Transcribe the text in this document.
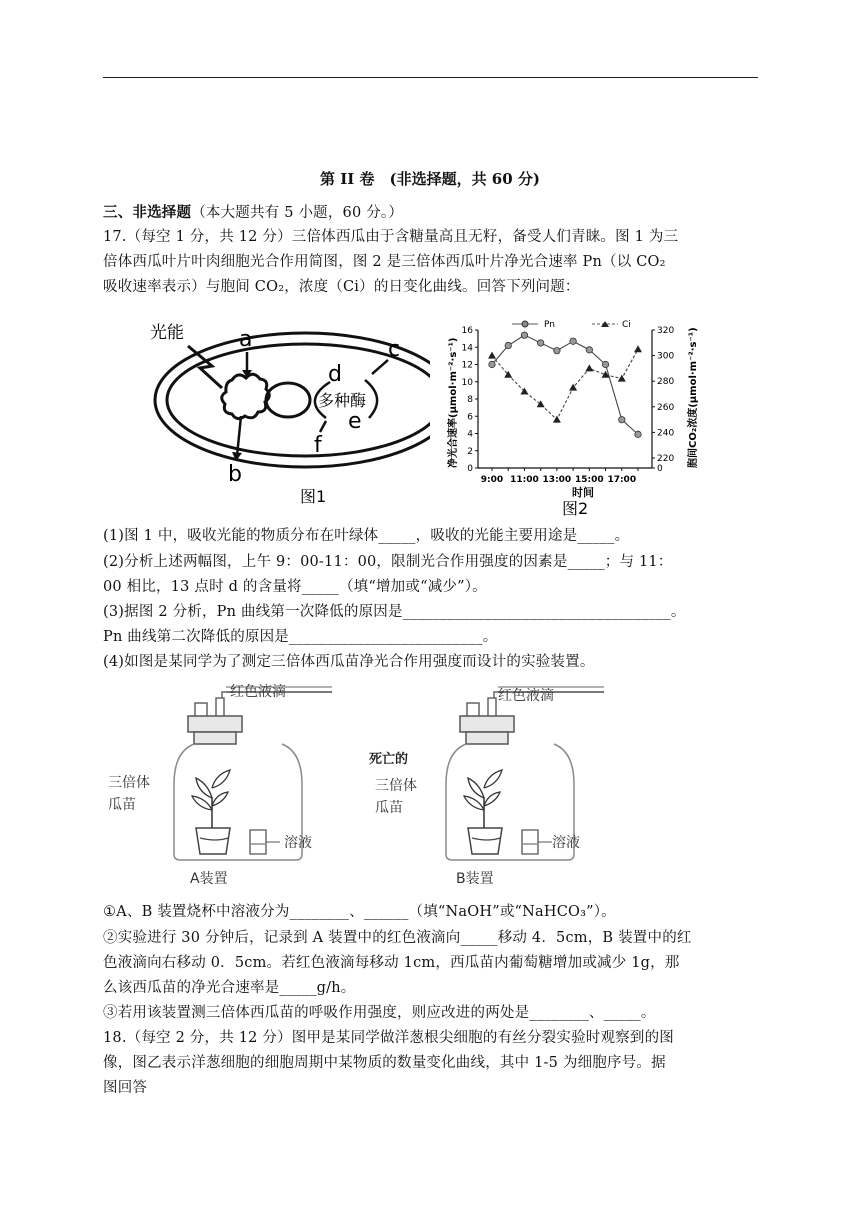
第 II 卷　(非选择题，共 60 分)
三、非选择题（本大题共有 5 小题，60 分。）
17.（每空 1 分，共 12 分）三倍体西瓜由于含糖量高且无籽，备受人们青睐。图 1 为三
倍体西瓜叶片叶肉细胞光合作用简图，图 2 是三倍体西瓜叶片净光合速率 Pn（以 CO₂
吸收速率表示）与胞间 CO₂，浓度（Ci）的日变化曲线。回答下列问题：
光能	a
b
c
d
多种酶
e
f
图1
0
2
4
6
8
10
12
14
16
0
220
240
260
280
300
320
9:00 11:00 13:00 15:00 17:00
Pn	Ci
时间
图2
净光合速率(μmol·m⁻²·s⁻¹)	胞间CO₂浓度(μmol·m⁻²·s⁻¹)
(1)图 1 中，吸收光能的物质分布在叶绿体_____，吸收的光能主要用途是_____。
(2)分析上述两幅图，上午 9：00-11：00，限制光合作用强度的因素是_____；与 11：
00 相比，13 点时 d 的含量将_____（填“增加或“减少”）。
(3)据图 2 分析，Pn 曲线第一次降低的原因是____________________________________。
Pn 曲线第二次降低的原因是__________________________。
(4)如图是某同学为了测定三倍体西瓜苗净光合作用强度而设计的实验装置。
红色液滴
三倍体
瓜苗
溶液
A装置
红色液滴
死亡的
三倍体
瓜苗
溶液
B装置
①A、B 装置烧杯中溶液分为________、______（填“NaOH”或“NaHCO₃”）。
②实验进行 30 分钟后，记录到 A 装置中的红色液滴向_____移动 4．5cm，B 装置中的红
色液滴向右移动 0．5cm。若红色液滴每移动 1cm，西瓜苗内葡萄糖增加或减少 1g，那
么该西瓜苗的净光合速率是_____g/h。
③若用该装置测三倍体西瓜苗的呼吸作用强度，则应改进的两处是________、_____。
18.（每空 2 分，共 12 分）图甲是某同学做洋葱根尖细胞的有丝分裂实验时观察到的图
像，图乙表示洋葱细胞的细胞周期中某物质的数量变化曲线，其中 1-5 为细胞序号。据
图回答
